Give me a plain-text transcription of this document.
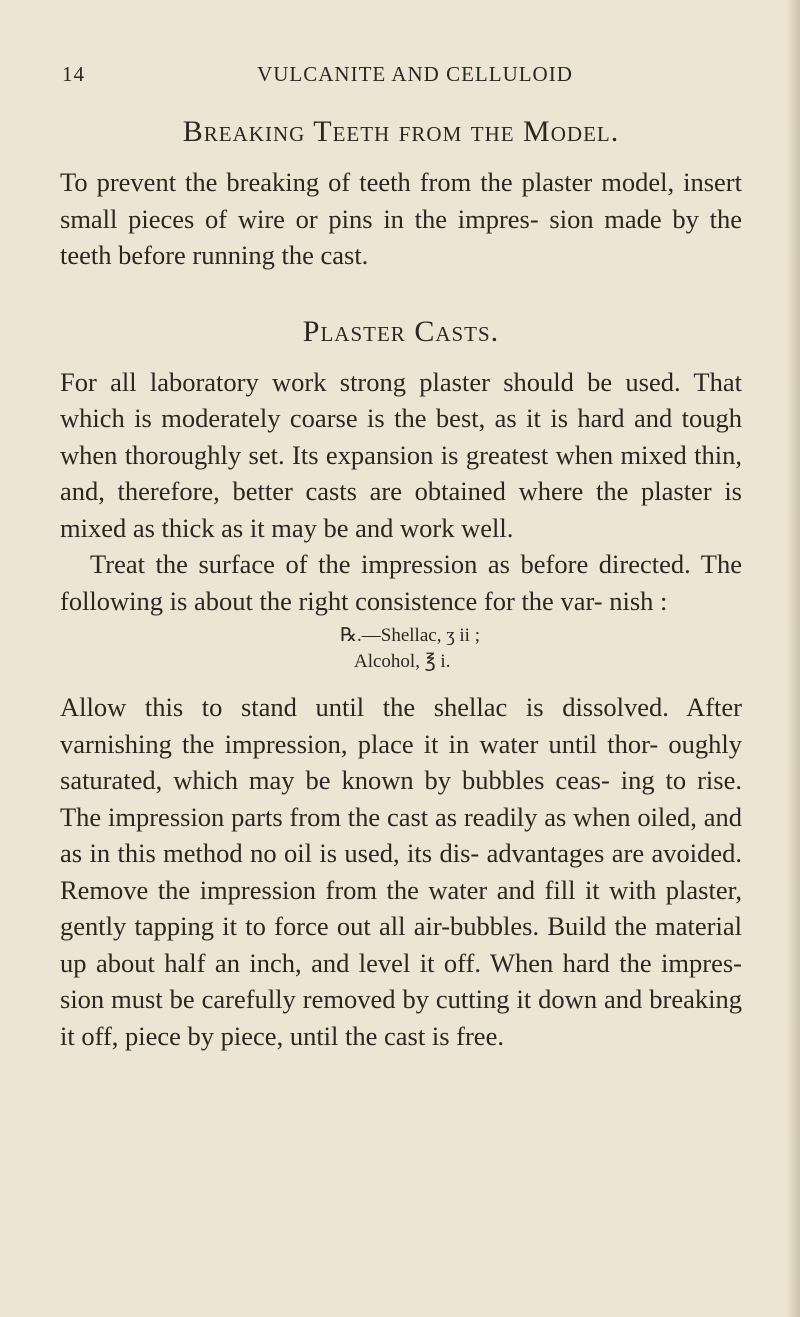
14	VULCANITE AND CELLULOID
Breaking Teeth from the Model.

To prevent the breaking of teeth from the plaster model, insert small pieces of wire or pins in the impres- sion made by the teeth before running the cast.

Plaster Casts.

For all laboratory work strong plaster should be used. That which is moderately coarse is the best, as it is hard and tough when thoroughly set. Its expansion is greatest when mixed thin, and, therefore, better casts are obtained where the plaster is mixed as thick as it may be and work well.

Treat the surface of the impression as before directed. The following is about the right consistence for the var- nish :

℞.—Shellac, ʒ ii ;
Alcohol, ℥ i.

Allow this to stand until the shellac is dissolved. After varnishing the impression, place it in water until thor- oughly saturated, which may be known by bubbles ceas- ing to rise. The impression parts from the cast as readily as when oiled, and as in this method no oil is used, its dis- advantages are avoided. Remove the impression from the water and fill it with plaster, gently tapping it to force out all air-bubbles. Build the material up about half an inch, and level it off. When hard the impres- sion must be carefully removed by cutting it down and breaking it off, piece by piece, until the cast is free.
